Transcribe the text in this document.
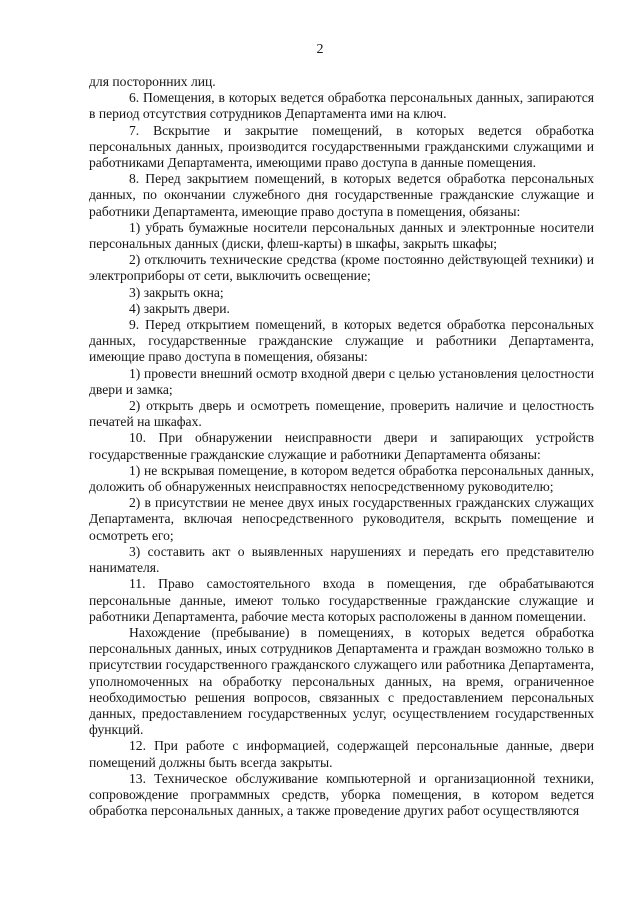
2

для посторонних лиц.

6. Помещения, в которых ведется обработка персональных данных, запираются в период отсутствия сотрудников Департамента ими на ключ.

7. Вскрытие и закрытие помещений, в которых ведется обработка персональных данных, производится государственными гражданскими служащими и работниками Департамента, имеющими право доступа в данные помещения.

8. Перед закрытием помещений, в которых ведется обработка персональных данных, по окончании служебного дня государственные гражданские служащие и работники Департамента, имеющие право доступа в помещения, обязаны:

1) убрать бумажные носители персональных данных и электронные носители персональных данных (диски, флеш-карты) в шкафы, закрыть шкафы;

2) отключить технические средства (кроме постоянно действующей техники) и электроприборы от сети, выключить освещение;

3) закрыть окна;

4) закрыть двери.

9. Перед открытием помещений, в которых ведется обработка персональных данных, государственные гражданские служащие и работники Департамента, имеющие право доступа в помещения, обязаны:

1) провести внешний осмотр входной двери с целью установления целостности двери и замка;

2) открыть дверь и осмотреть помещение, проверить наличие и целостность печатей на шкафах.

10. При обнаружении неисправности двери и запирающих устройств государственные гражданские служащие и работники Департамента обязаны:

1) не вскрывая помещение, в котором ведется обработка персональных данных, доложить об обнаруженных неисправностях непосредственному руководителю;

2) в присутствии не менее двух иных государственных гражданских служащих Департамента, включая непосредственного руководителя, вскрыть помещение и осмотреть его;

3) составить акт о выявленных нарушениях и передать его представителю нанимателя.

11. Право самостоятельного входа в помещения, где обрабатываются персональные данные, имеют только государственные гражданские служащие и работники Департамента, рабочие места которых расположены в данном помещении.

Нахождение (пребывание) в помещениях, в которых ведется обработка персональных данных, иных сотрудников Департамента и граждан возможно только в присутствии государственного гражданского служащего или работника Департамента, уполномоченных на обработку персональных данных, на время, ограниченное необходимостью решения вопросов, связанных с предоставлением персональных данных, предоставлением государственных услуг, осуществлением государственных функций.

12. При работе с информацией, содержащей персональные данные, двери помещений должны быть всегда закрыты.

13. Техническое обслуживание компьютерной и организационной техники, сопровождение программных средств, уборка помещения, в котором ведется обработка персональных данных, а также проведение других работ осуществляются
